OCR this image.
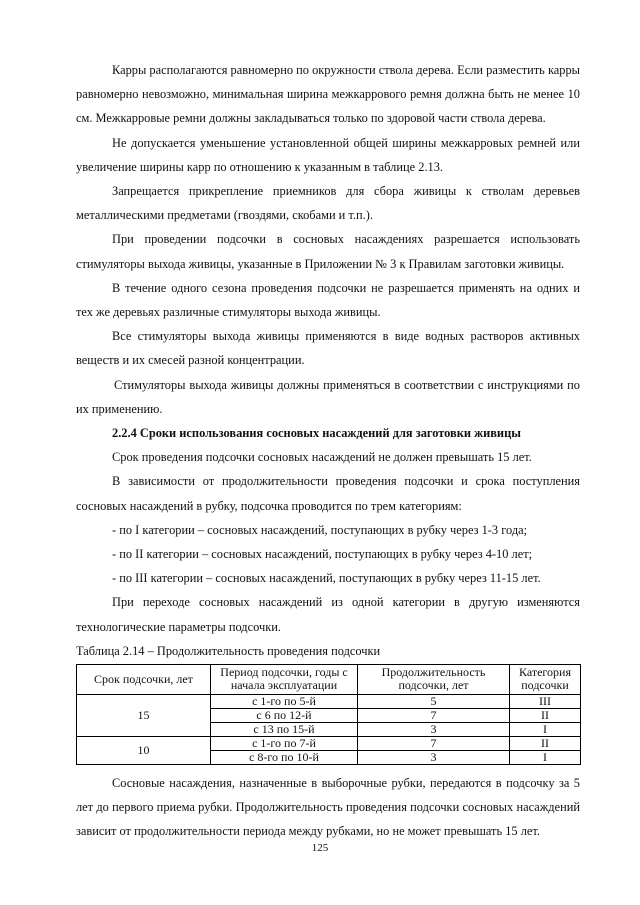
Карры располагаются равномерно по окружности ствола дерева. Если разместить карры равномерно невозможно, минимальная ширина межкаррового ремня должна быть не менее 10 см. Межкарровые ремни должны закладываться только по здоровой части ствола дерева.

Не допускается уменьшение установленной общей ширины межкарровых ремней или увеличение ширины карр по отношению к указанным в таблице 2.13.

Запрещается прикрепление приемников для сбора живицы к стволам деревьев металлическими предметами (гвоздями, скобами и т.п.).

При проведении подсочки в сосновых насаждениях разрешается использовать стимуляторы выхода живицы, указанные в Приложении № 3 к Правилам заготовки живицы.

В течение одного сезона проведения подсочки не разрешается применять на одних и тех же деревьях различные стимуляторы выхода живицы.

Все стимуляторы выхода живицы применяются в виде водных растворов активных веществ и их смесей разной концентрации.

Стимуляторы выхода живицы должны применяться в соответствии с инструкциями по их применению.

2.2.4 Сроки использования сосновых насаждений для заготовки живицы

Срок проведения подсочки сосновых насаждений не должен превышать 15 лет.

В зависимости от продолжительности проведения подсочки и срока поступления сосновых насаждений в рубку, подсочка проводится по трем категориям:

- по I категории – сосновых насаждений, поступающих в рубку через 1-3 года;

- по II категории – сосновых насаждений, поступающих в рубку через 4-10 лет;

- по III категории – сосновых насаждений, поступающих в рубку через 11-15 лет.

При переходе сосновых насаждений из одной категории в другую изменяются технологические параметры подсочки.

Таблица 2.14 – Продолжительность проведения подсочки

Срок подсочки, лет	Период подсочки, годы с начала эксплуатации	Продолжительность подсочки, лет	Категория подсочки
15	с 1-го по 5-й	5	III
	с 6 по 12-й	7	II
	с 13 по 15-й	3	I
10	с 1-го по 7-й	7	II
	с 8-го по 10-й	3	I

Сосновые насаждения, назначенные в выборочные рубки, передаются в подсочку за 5 лет до первого приема рубки. Продолжительность проведения подсочки сосновых насаждений зависит от продолжительности периода между рубками, но не может превышать 15 лет.

125
